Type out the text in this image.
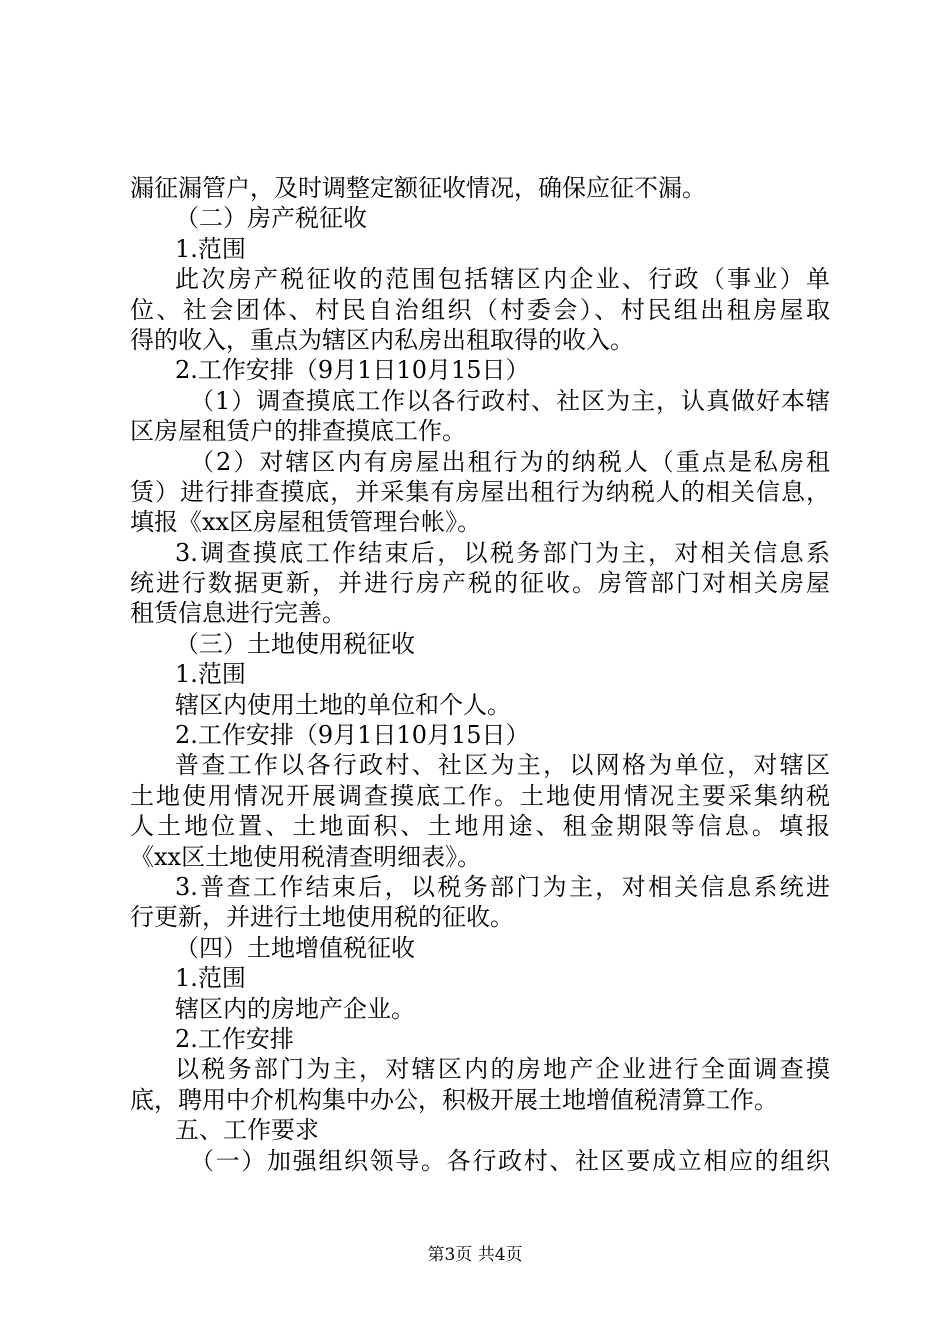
漏征漏管户，及时调整定额征收情况，确保应征不漏。
（二）房产税征收
1.范围
此次房产税征收的范围包括辖区内企业、行政（事业）单
位、社会团体、村民自治组织（村委会）、村民组出租房屋取
得的收入，重点为辖区内私房出租取得的收入。
2.工作安排（9月1日10月15日）
（1）调查摸底工作以各行政村、社区为主，认真做好本辖
区房屋租赁户的排查摸底工作。
（2）对辖区内有房屋出租行为的纳税人（重点是私房租
赁）进行排查摸底，并采集有房屋出租行为纳税人的相关信息，
填报《xx区房屋租赁管理台帐》。
3.调查摸底工作结束后，以税务部门为主，对相关信息系
统进行数据更新，并进行房产税的征收。房管部门对相关房屋
租赁信息进行完善。
（三）土地使用税征收
1.范围
辖区内使用土地的单位和个人。
2.工作安排（9月1日10月15日）
普查工作以各行政村、社区为主，以网格为单位，对辖区
土地使用情况开展调查摸底工作。土地使用情况主要采集纳税
人土地位置、土地面积、土地用途、租金期限等信息。填报
《xx区土地使用税清查明细表》。
3.普查工作结束后，以税务部门为主，对相关信息系统进
行更新，并进行土地使用税的征收。
（四）土地增值税征收
1.范围
辖区内的房地产企业。
2.工作安排
以税务部门为主，对辖区内的房地产企业进行全面调查摸
底，聘用中介机构集中办公，积极开展土地增值税清算工作。
五、工作要求
（一）加强组织领导。各行政村、社区要成立相应的组织
第3页 共4页
